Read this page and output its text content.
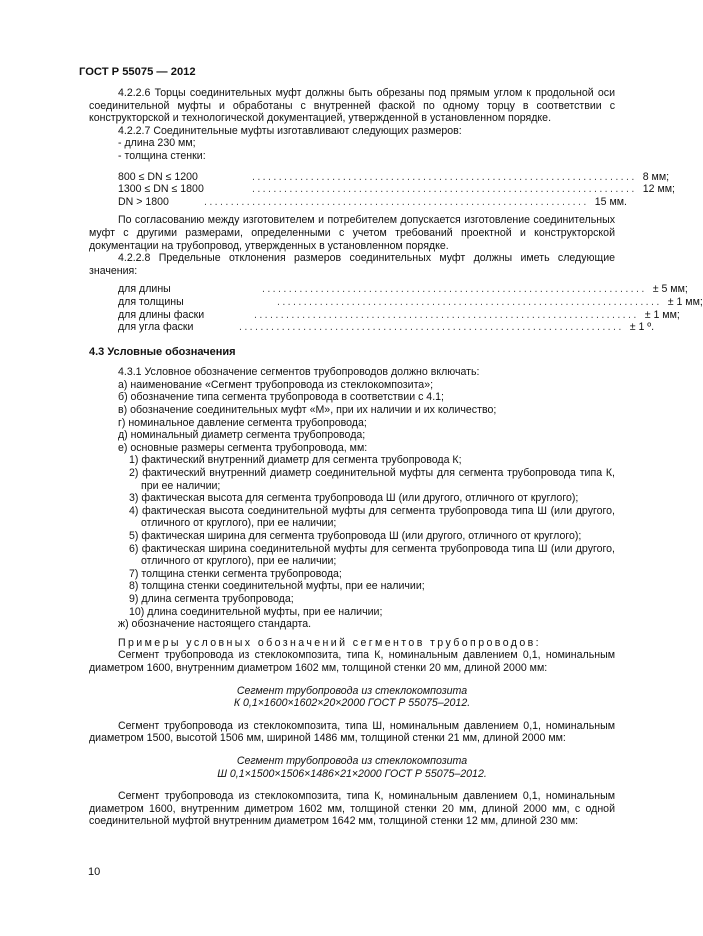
ГОСТ Р 55075 — 2012

4.2.2.6 Торцы соединительных муфт должны быть обрезаны под прямым углом к продольной оси соединительной муфты и обработаны с внутренней фаской по одному торцу в соответствии с конструкторской и технологической документацией, утвержденной в установленном порядке.

4.2.2.7 Соединительные муфты изготавливают следующих размеров:

- длина 230 мм;

- толщина стенки:

800 ≤ DN ≤ 1200	........................................................................ 8 мм;
1300 ≤ DN ≤ 1800	........................................................................ 12 мм;
DN > 1800	........................................................................ 15 мм.

По согласованию между изготовителем и потребителем допускается изготовление соединительных муфт с другими размерами, определенными с учетом требований проектной и конструкторской документации на трубопровод, утвержденных в установленном порядке.

4.2.2.8 Предельные отклонения размеров соединительных муфт должны иметь следующие значения:

для длины	........................................................................ ± 5 мм;
для толщины	........................................................................ ± 1 мм;
для длины фаски	........................................................................ ± 1 мм;
для угла фаски	........................................................................ ± 1 º.

4.3 Условные обозначения

4.3.1 Условное обозначение сегментов трубопроводов должно включать:

а) наименование «Сегмент трубопровода из стеклокомпозита»;

б) обозначение типа сегмента трубопровода в соответствии с 4.1;

в) обозначение соединительных муфт «М», при их наличии и их количество;

г) номинальное давление сегмента трубопровода;

д) номинальный диаметр сегмента трубопровода;

е) основные размеры сегмента трубопровода, мм:

1) фактический внутренний диаметр для сегмента трубопровода К;

2) фактический внутренний диаметр соединительной муфты для сегмента трубопровода типа К, при ее наличии;

3) фактическая высота для сегмента трубопровода Ш (или другого, отличного от круглого);

4) фактическая высота соединительной муфты для сегмента трубопровода типа Ш (или другого, отличного от круглого), при ее наличии;

5) фактическая ширина для сегмента трубопровода Ш (или другого, отличного от круглого);

6) фактическая ширина соединительной муфты для сегмента трубопровода типа Ш (или другого, отличного от круглого), при ее наличии;

7) толщина стенки сегмента трубопровода;

8) толщина стенки соединительной муфты, при ее наличии;

9) длина сегмента трубопровода;

10) длина соединительной муфты, при ее наличии;

ж) обозначение настоящего стандарта.

Примеры условных обозначений сегментов трубопроводов:

Сегмент трубопровода из стеклокомпозита, типа К, номинальным давлением 0,1, номинальным диаметром 1600, внутренним диаметром 1602 мм, толщиной стенки 20 мм, длиной 2000 мм:

Сегмент трубопровода из стеклокомпозита

К 0,1×1600×1602×20×2000 ГОСТ Р 55075–2012.

Сегмент трубопровода из стеклокомпозита, типа Ш, номинальным давлением 0,1, номинальным диаметром 1500, высотой 1506 мм, шириной 1486 мм, толщиной стенки 21 мм, длиной 2000 мм:

Сегмент трубопровода из стеклокомпозита

Ш 0,1×1500×1506×1486×21×2000 ГОСТ Р 55075–2012.

Сегмент трубопровода из стеклокомпозита, типа К, номинальным давлением 0,1, номинальным диаметром 1600, внутренним диметром 1602 мм, толщиной стенки 20 мм, длиной 2000 мм, с одной соединительной муфтой внутренним диаметром 1642 мм, толщиной стенки 12 мм, длиной 230 мм:

10
